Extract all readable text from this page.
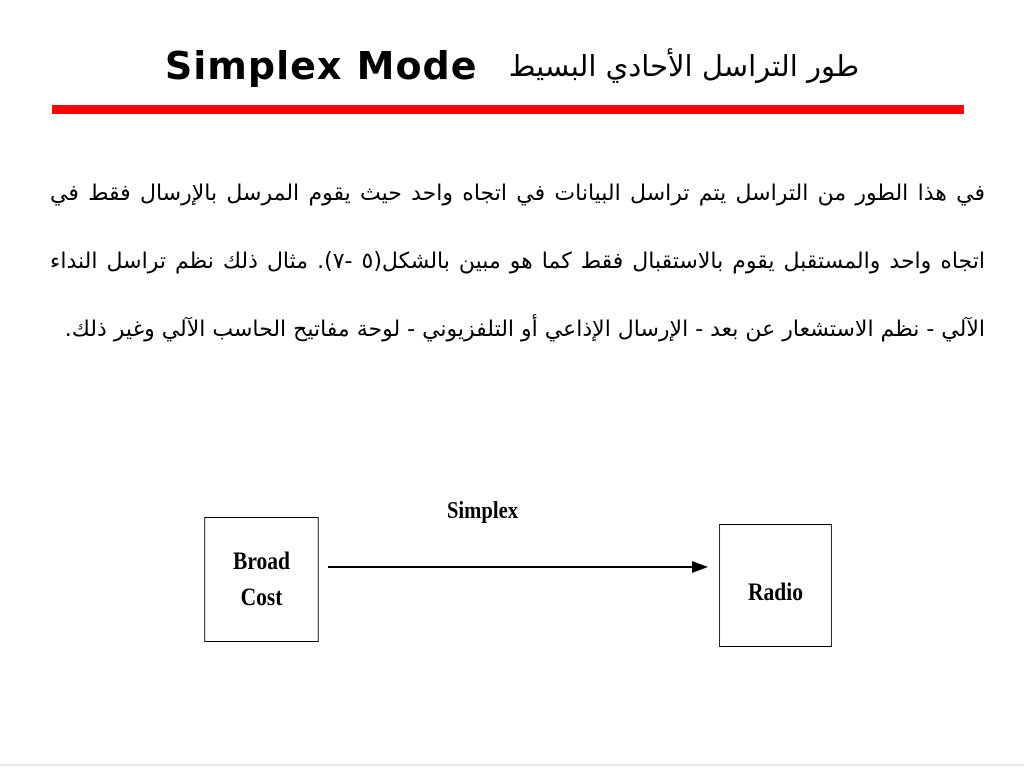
Simplex Mode طور التراسل الأحادي البسيط

في هذا الطور من التراسل يتم تراسل البيانات في اتجاه واحد حيث يقوم المرسل بالإرسال فقط في اتجاه واحد والمستقبل يقوم بالاستقبال فقط كما هو مبين بالشكل(٥ -٧). مثال ذلك نظم تراسل النداء الآلي - نظم الاستشعار عن بعد - الإرسال الإذاعي أو التلفزيوني - لوحة مفاتيح الحاسب الآلي وغير ذلك.

Broad
Cost
Simplex
Radio
